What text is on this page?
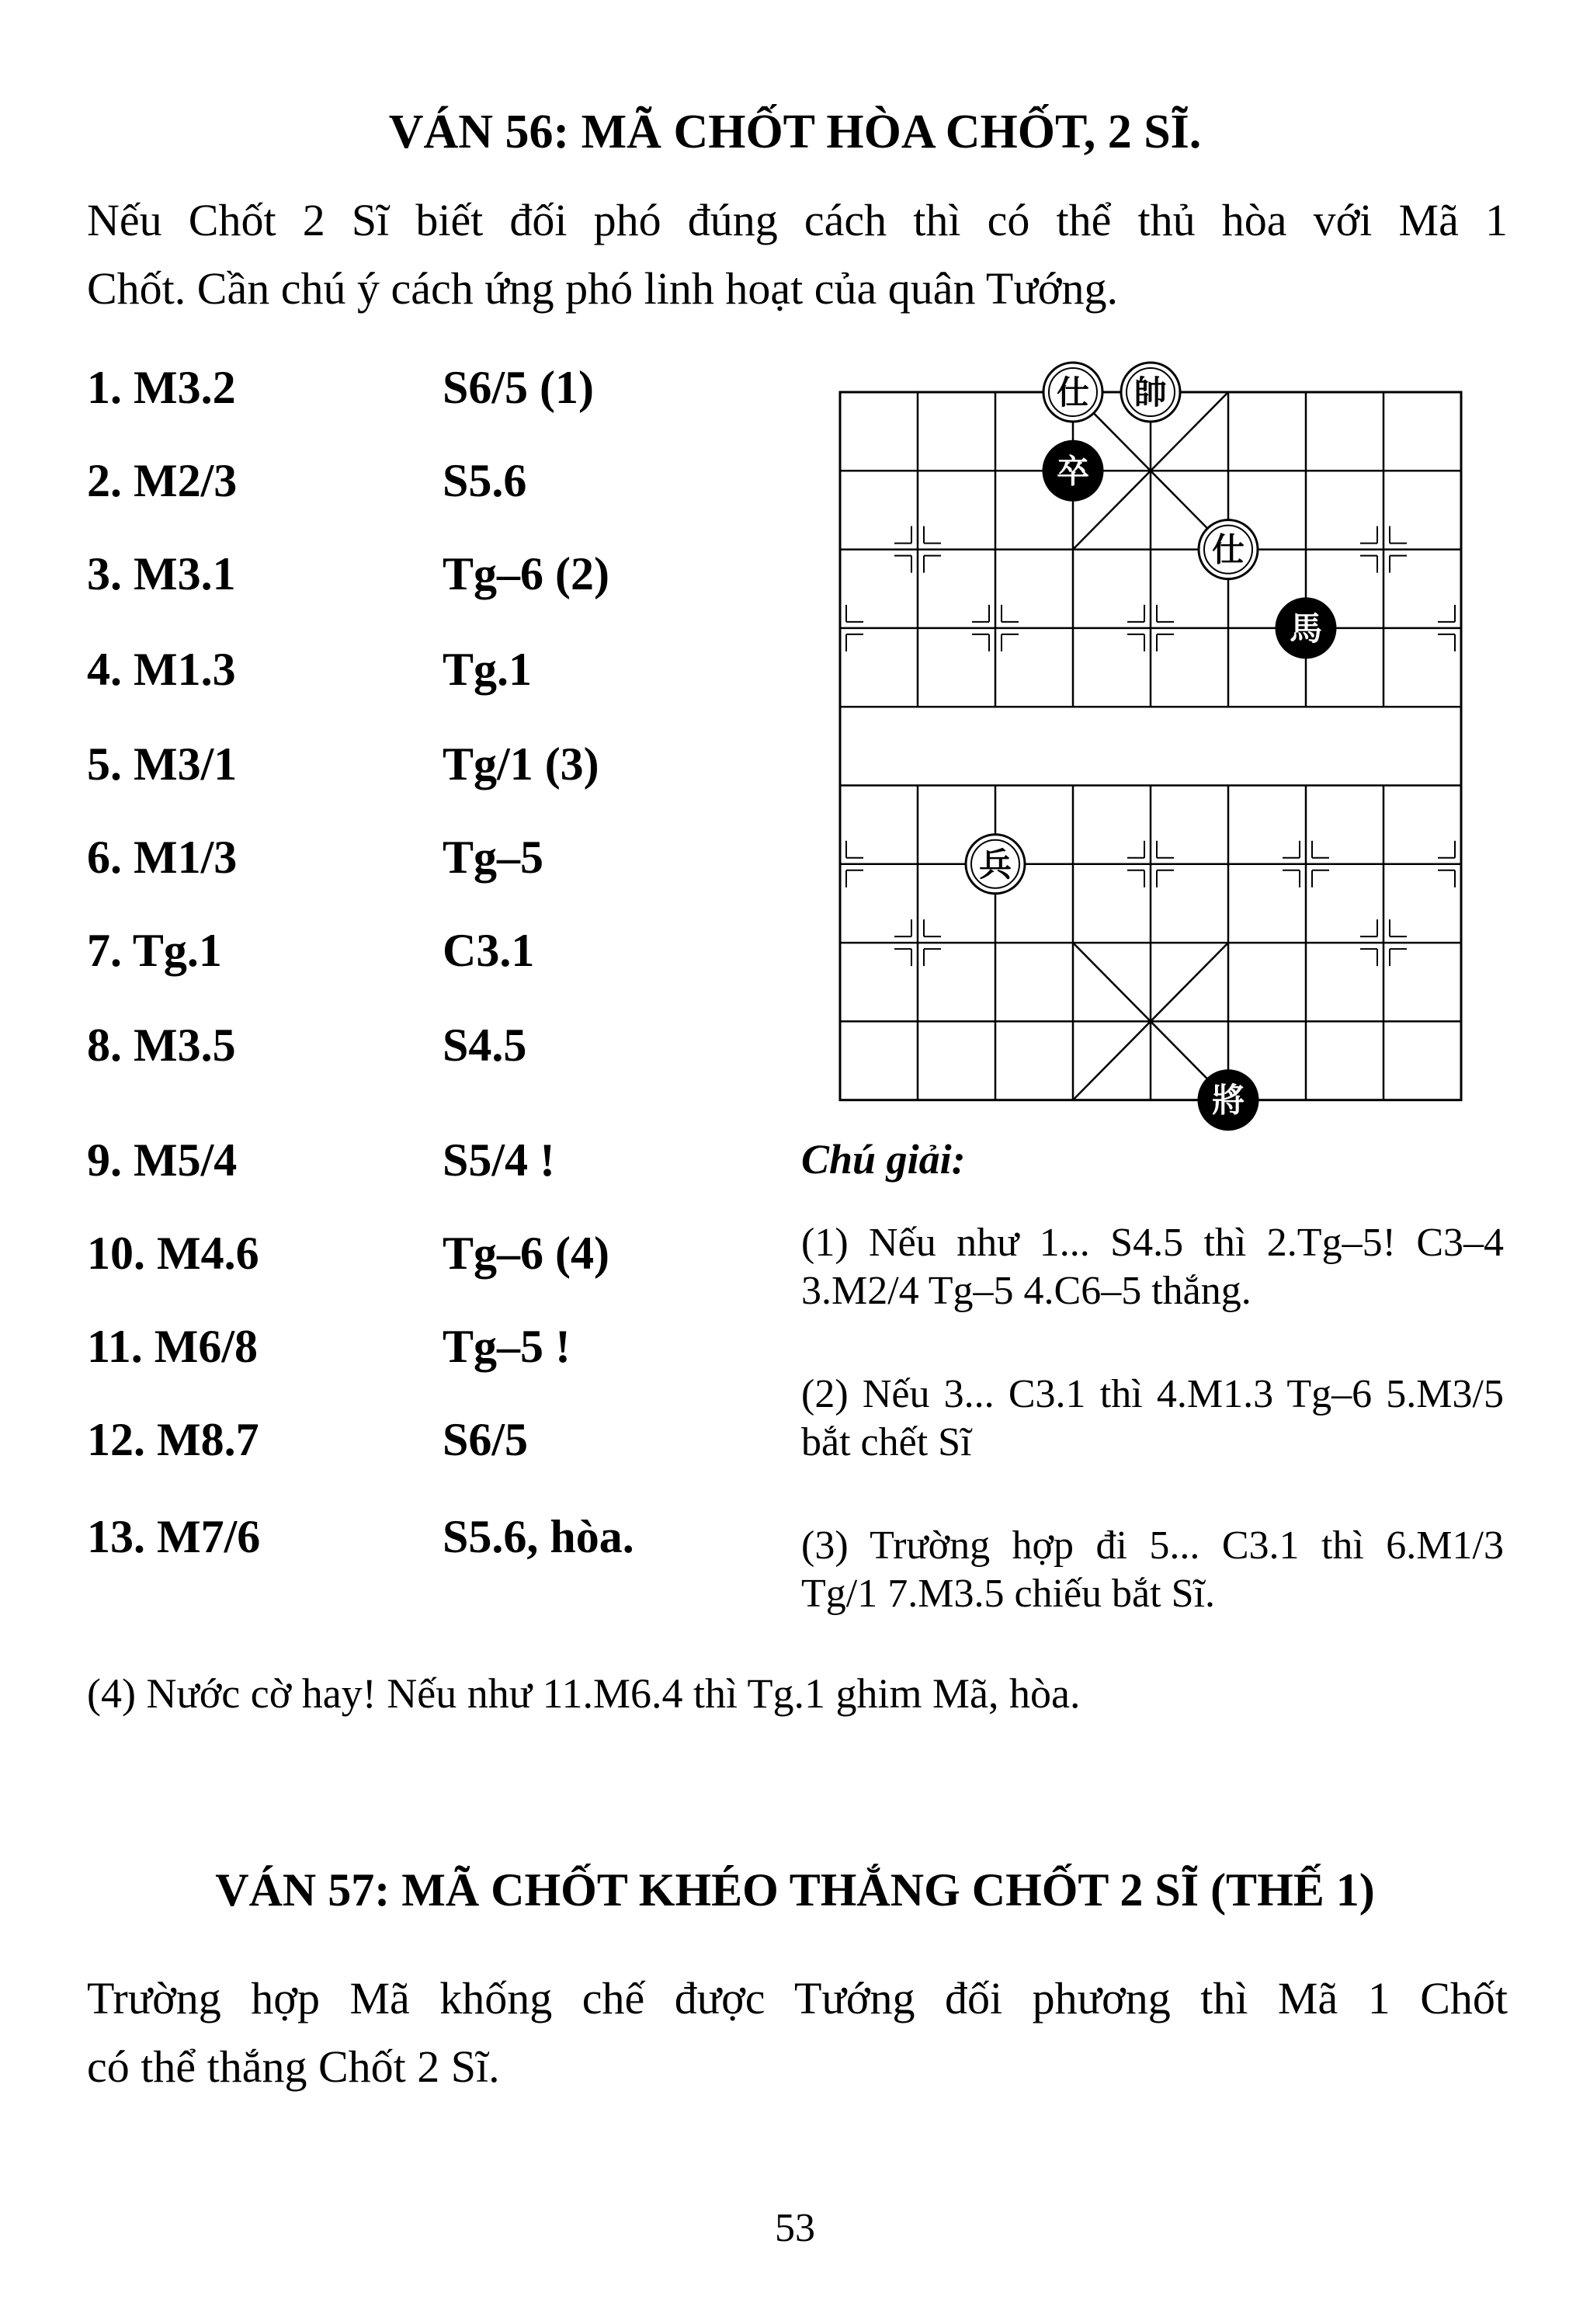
VÁN 56: MÃ CHỐT HÒA CHỐT, 2 SĨ.
Nếu Chốt 2 Sĩ biết đối phó đúng cách thì có thể thủ hòa với Mã 1
Chốt. Cần chú ý cách ứng phó linh hoạt của quân Tướng.
1. M3.2	S6/5 (1)
2. M2/3	S5.6
3. M3.1	Tg–6 (2)
4. M1.3	Tg.1
5. M3/1	Tg/1 (3)
6. M1/3	Tg–5
7. Tg.1	C3.1
8. M3.5	S4.5
9. M5/4	S5/4 !
10. M4.6	Tg–6 (4)
11. M6/8	Tg–5 !
12. M8.7	S6/5
13. M7/6	S5.6, hòa.
仕 帥
卒
仕
馬
兵
將
Chú giải:
(1) Nếu như 1... S4.5 thì 2.Tg–5! C3–4 3.M2/4 Tg–5 4.C6–5 thắng.
(2) Nếu 3... C3.1 thì 4.M1.3 Tg–6 5.M3/5 bắt chết Sĩ
(3) Trường hợp đi 5... C3.1 thì 6.M1/3 Tg/1 7.M3.5 chiếu bắt Sĩ.
(4) Nước cờ hay! Nếu như 11.M6.4 thì Tg.1 ghim Mã, hòa.
VÁN 57: MÃ CHỐT KHÉO THẮNG CHỐT 2 SĨ (THẾ 1)
Trường hợp Mã khống chế được Tướng đối phương thì Mã 1 Chốt
có thể thắng Chốt 2 Sĩ.
53
